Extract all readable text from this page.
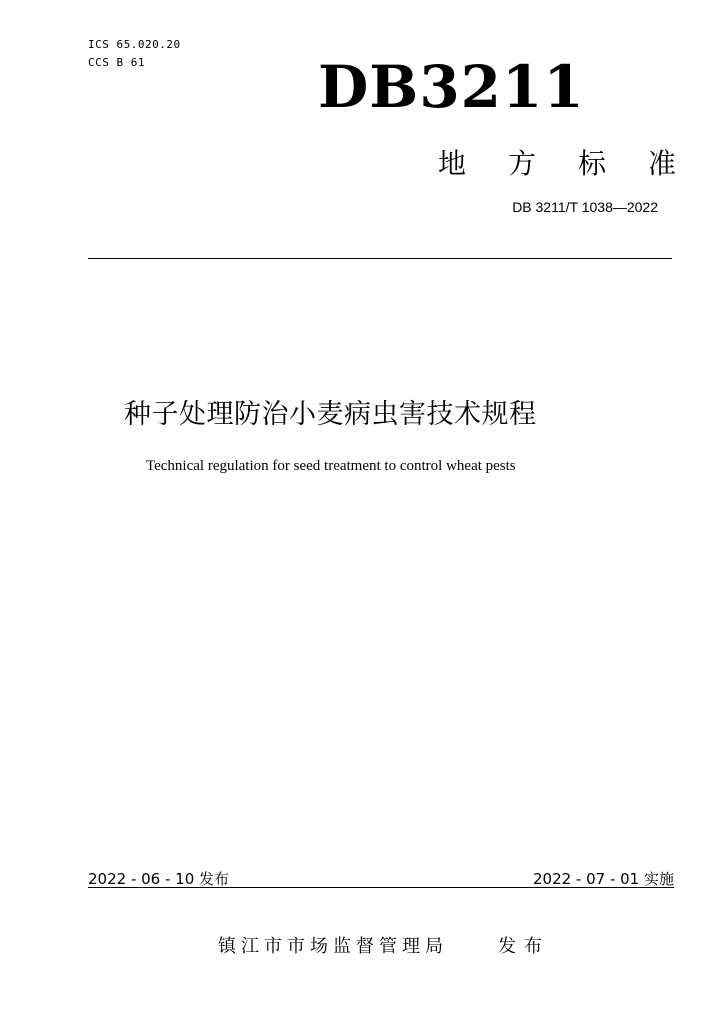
ICS 65.020.20
CCS B 61	DB3211
地方标准
DB 3211/T 1038—2022
种子处理防治小麦病虫害技术规程
Technical regulation for seed treatment to control wheat pests
2022 - 06 - 10 发布	2022 - 07 - 01 实施
镇江市市场监督管理局	发布
